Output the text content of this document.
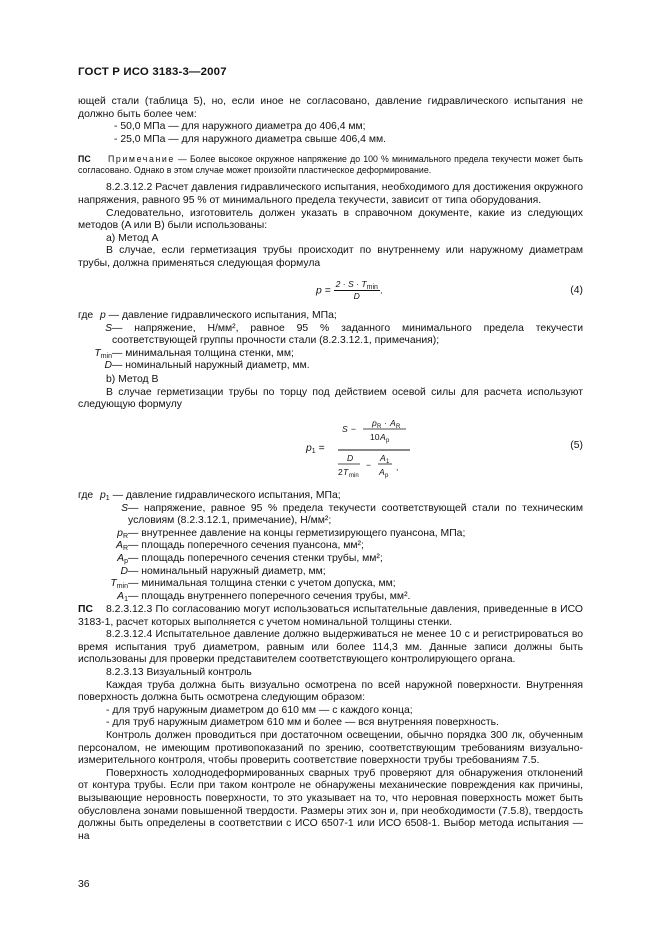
ГОСТ Р ИСО 3183-3—2007

ющей стали (таблица 5), но, если иное не согласовано, давление гидравлического испытания не должно быть более чем:

- 50,0 МПа — для наружного диаметра до 406,4 мм;

- 25,0 МПа — для наружного диаметра свыше 406,4 мм.

ПС Примечание — Более высокое окружное напряжение до 100 % минимального предела текучести может быть согласовано. Однако в этом случае может произойти пластическое деформирование.

8.2.3.12.2 Расчет давления гидравлического испытания, необходимого для достижения окружного напряжения, равного 95 % от минимального предела текучести, зависит от типа оборудования.

Следовательно, изготовитель должен указать в справочном документе, какие из следующих методов (A или B) были использованы:

a) Метод A

В случае, если герметизация трубы происходит по внутреннему или наружному диаметрам трубы, должна применяться следующая формула

$p = \frac{2 \cdot S \cdot T_{min}}{D}$ .	(4)
где p — давление гидравлического испытания, МПа;
S — напряжение, Н/мм², равное 95 % заданного минимального предела текучести соответствующей группы прочности стали (8.2.3.12.1, примечания);
$T_{min}$ — минимальная толщина стенки, мм;
D — номинальный наружный диаметр, мм.

b) Метод B

В случае герметизации трубы по торцу под действием осевой силы для расчета используют следующую формулу

$p_1$ =
S −
p R · A R
10 A p
D
2 T min
−
A 1
A p
,
(5)
где $p_1$ — давление гидравлического испытания, МПа;
S — напряжение, равное 95 % предела текучести соответствующей стали по техническим условиям (8.2.3.12.1, примечание), Н/мм²;
$p_R$ — внутреннее давление на концы герметизирующего пуансона, МПа;
$A_R$ — площадь поперечного сечения пуансона, мм²;
$A_p$ — площадь поперечного сечения стенки трубы, мм²;
D — номинальный наружный диаметр, мм;
$T_{min}$ — минимальная толщина стенки с учетом допуска, мм;
$A_1$ — площадь внутреннего поперечного сечения трубы, мм².

ПС 8.2.3.12.3 По согласованию могут использоваться испытательные давления, приведенные в ИСО 3183-1, расчет которых выполняется с учетом номинальной толщины стенки.

8.2.3.12.4 Испытательное давление должно выдерживаться не менее 10 с и регистрироваться во время испытания труб диаметром, равным или более 114,3 мм. Данные записи должны быть использованы для проверки представителем соответствующего контролирующего органа.

8.2.3.13 Визуальный контроль

Каждая труба должна быть визуально осмотрена по всей наружной поверхности. Внутренняя поверхность должна быть осмотрена следующим образом:

- для труб наружным диаметром до 610 мм — с каждого конца;

- для труб наружным диаметром 610 мм и более — вся внутренняя поверхность.

Контроль должен проводиться при достаточном освещении, обычно порядка 300 лк, обученным персоналом, не имеющим противопоказаний по зрению, соответствующим требованиям визуально-измерительного контроля, чтобы проверить соответствие поверхности трубы требованиям 7.5.

Поверхность холоднодеформированных сварных труб проверяют для обнаружения отклонений от контура трубы. Если при таком контроле не обнаружены механические повреждения как причины, вызывающие неровность поверхности, то это указывает на то, что неровная поверхность может быть обусловлена зонами повышенной твердости. Размеры этих зон и, при необходимости (7.5.8), твердость должны быть определены в соответствии с ИСО 6507-1 или ИСО 6508-1. Выбор метода испытания — на

36
